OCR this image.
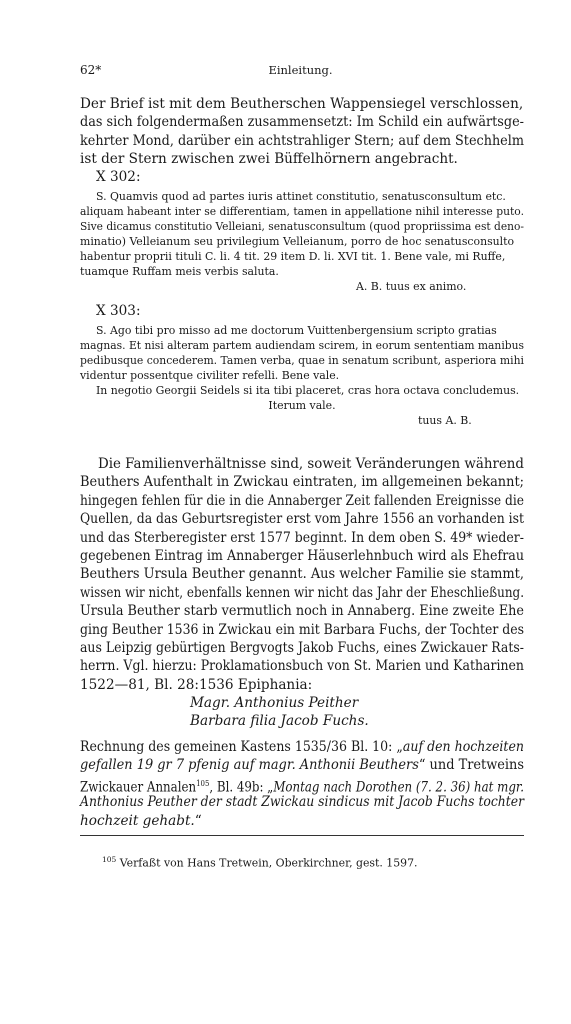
62*	Einleitung.
Der Brief ist mit dem Beutherschen Wappensiegel verschlossen,
das sich folgendermaßen zusammensetzt: Im Schild ein aufwärtsge-
kehrter Mond, darüber ein achtstrahliger Stern; auf dem Stechhelm
ist der Stern zwischen zwei Büffelhörnern angebracht.
X 302:
S. Quamvis quod ad partes iuris attinet constitutio, senatusconsultum etc.
aliquam habeant inter se differentiam, tamen in appellatione nihil interesse puto.
Sive dicamus constitutio Velleiani, senatusconsultum (quod propriissima est deno-
minatio) Velleianum seu privilegium Velleianum, porro de hoc senatusconsulto
habentur proprii tituli C. li. 4 tit. 29 item D. li. XVI tit. 1. Bene vale, mi Ruffe,
tuamque Ruffam meis verbis saluta.
A. B. tuus ex animo.
X 303:
S. Ago tibi pro misso ad me doctorum Vuittenbergensium scripto gratias
magnas. Et nisi alteram partem audiendam scirem, in eorum sententiam manibus
pedibusque concederem. Tamen verba, quae in senatum scribunt, asperiora mihi
videntur possentque civiliter refelli. Bene vale.
In negotio Georgii Seidels si ita tibi placeret, cras hora octava concludemus.
Iterum vale.
tuus A. B.
Die Familienverhältnisse sind, soweit Veränderungen während
Beuthers Aufenthalt in Zwickau eintraten, im allgemeinen bekannt;
hingegen fehlen für die in die Annaberger Zeit fallenden Ereignisse die
Quellen, da das Geburtsregister erst vom Jahre 1556 an vorhanden ist
und das Sterberegister erst 1577 beginnt. In dem oben S. 49* wieder-
gegebenen Eintrag im Annaberger Häuserlehnbuch wird als Ehefrau
Beuthers Ursula Beuther genannt. Aus welcher Familie sie stammt,
wissen wir nicht, ebenfalls kennen wir nicht das Jahr der Eheschließung.
Ursula Beuther starb vermutlich noch in Annaberg. Eine zweite Ehe
ging Beuther 1536 in Zwickau ein mit Barbara Fuchs, der Tochter des
aus Leipzig gebürtigen Bergvogts Jakob Fuchs, eines Zwickauer Rats-
herrn. Vgl. hierzu: Proklamationsbuch von St. Marien und Katharinen
1522—81, Bl. 28:1536 Epiphania:
Magr. Anthonius Peither
Barbara filia Jacob Fuchs.
Rechnung des gemeinen Kastens 1535/36 Bl. 10: „auf den hochzeiten
gefallen 19 gr 7 pfenig auf magr. Anthonii Beuthers“ und Tretweins
Zwickauer Annalen$^{105}$, Bl. 49b: „Montag nach Dorothen (7. 2. 36) hat mgr.
Anthonius Peuther der stadt Zwickau sindicus mit Jacob Fuchs tochter
hochzeit gehabt.“
$^{105}$ Verfaßt von Hans Tretwein, Oberkirchner, gest. 1597.
